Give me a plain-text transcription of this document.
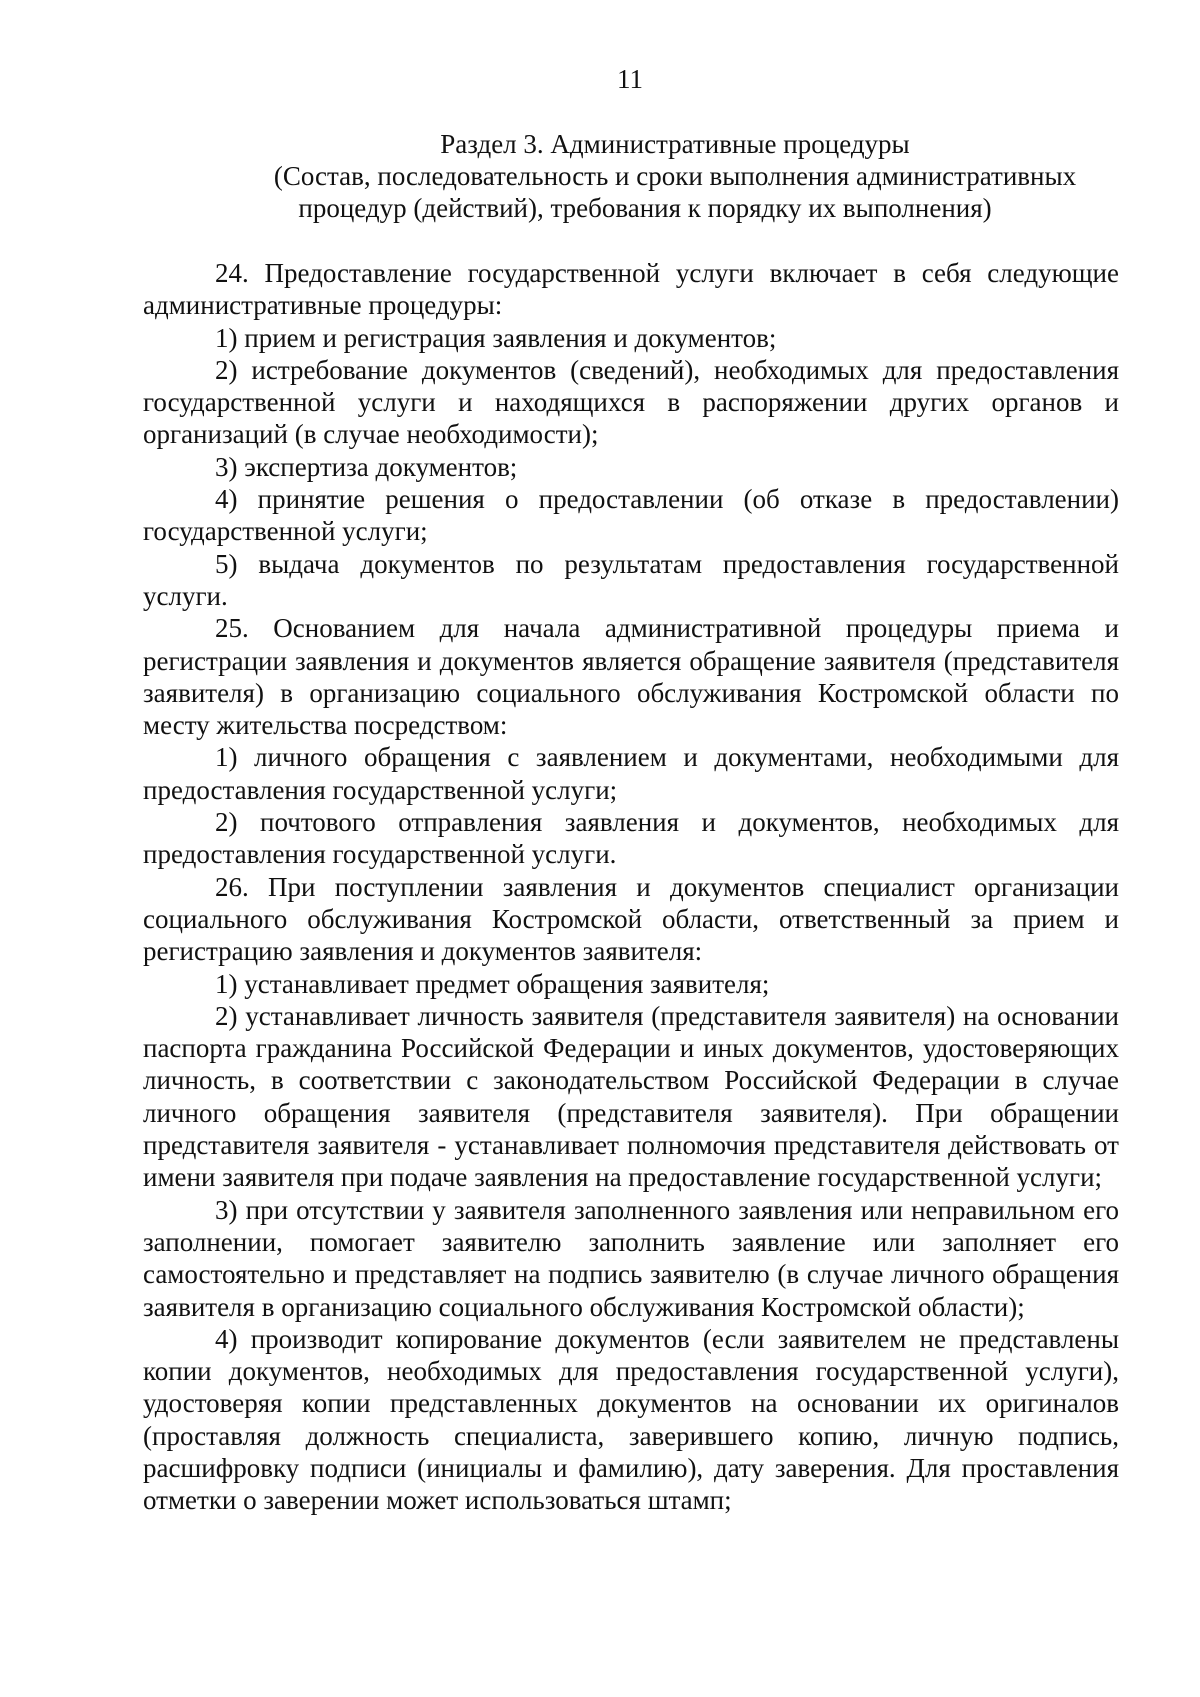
11
Раздел 3. Административные процедуры
(Состав, последовательность и сроки выполнения административных
процедур (действий), требования к порядку их выполнения)

24. Предоставление государственной услуги включает в себя следующие административные процедуры:

1) прием и регистрация заявления и документов;

2) истребование документов (сведений), необходимых для предоставления государственной услуги и находящихся в распоряжении других органов и организаций (в случае необходимости);

3) экспертиза документов;

4) принятие решения о предоставлении (об отказе в предоставлении) государственной услуги;

5) выдача документов по результатам предоставления государственной услуги.

25. Основанием для начала административной процедуры приема и регистрации заявления и документов является обращение заявителя (представителя заявителя) в организацию социального обслуживания Костромской области по месту жительства посредством:

1) личного обращения с заявлением и документами, необходимыми для предоставления государственной услуги;

2) почтового отправления заявления и документов, необходимых для предоставления государственной услуги.

26. При поступлении заявления и документов специалист организации социального обслуживания Костромской области, ответственный за прием и регистрацию заявления и документов заявителя:

1) устанавливает предмет обращения заявителя;

2) устанавливает личность заявителя (представителя заявителя) на основании паспорта гражданина Российской Федерации и иных документов, удостоверяющих личность, в соответствии с законодательством Российской Федерации в случае личного обращения заявителя (представителя заявителя). При обращении представителя заявителя - устанавливает полномочия представителя действовать от имени заявителя при подаче заявления на предоставление государственной услуги;

3) при отсутствии у заявителя заполненного заявления или неправильном его заполнении, помогает заявителю заполнить заявление или заполняет его самостоятельно и представляет на подпись заявителю (в случае личного обращения заявителя в организацию социального обслуживания Костромской области);

4) производит копирование документов (если заявителем не представлены копии документов, необходимых для предоставления государственной услуги), удостоверяя копии представленных документов на основании их оригиналов (проставляя должность специалиста, заверившего копию, личную подпись, расшифровку подписи (инициалы и фамилию), дату заверения. Для проставления отметки о заверении может использоваться штамп;
